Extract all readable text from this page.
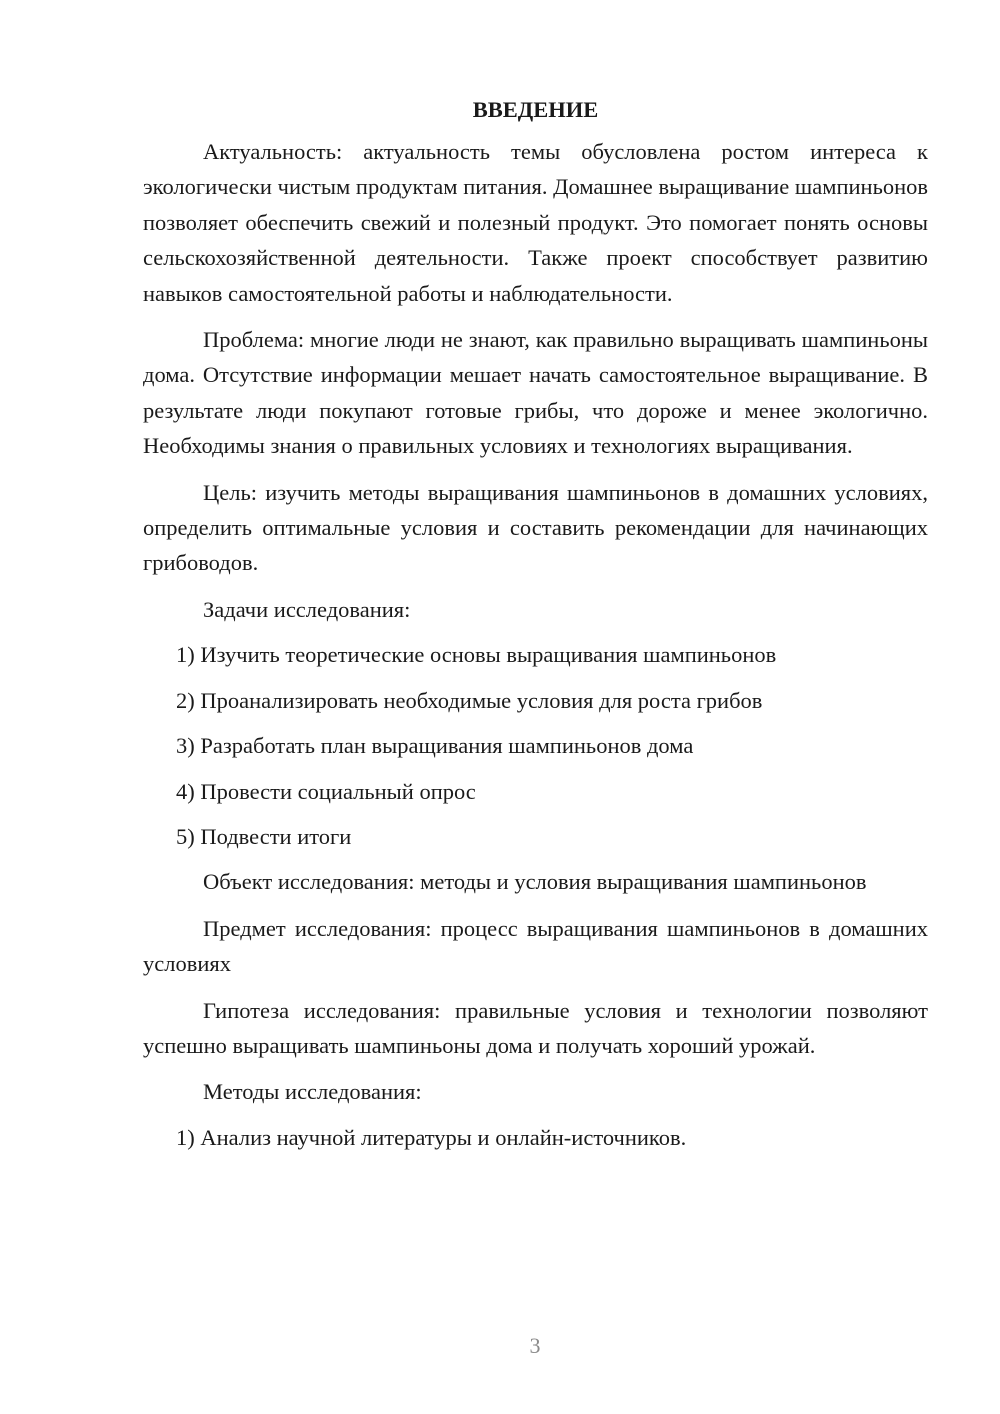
ВВЕДЕНИЕ

Актуальность: актуальность темы обусловлена ростом интереса к экологически чистым продуктам питания. Домашнее выращивание шампиньонов позволяет обеспечить свежий и полезный продукт. Это помогает понять основы сельскохозяйственной деятельности. Также проект способствует развитию навыков самостоятельной работы и наблюдательности.

Проблема: многие люди не знают, как правильно выращивать шампиньоны дома. Отсутствие информации мешает начать самостоятельное выращивание. В результате люди покупают готовые грибы, что дороже и менее экологично. Необходимы знания о правильных условиях и технологиях выращивания.

Цель: изучить методы выращивания шампиньонов в домашних условиях, определить оптимальные условия и составить рекомендации для начинающих грибоводов.

Задачи исследования:

1) Изучить теоретические основы выращивания шампиньонов

2) Проанализировать необходимые условия для роста грибов

3) Разработать план выращивания шампиньонов дома

4) Провести социальный опрос

5) Подвести итоги

Объект исследования: методы и условия выращивания шампиньонов

Предмет исследования: процесс выращивания шампиньонов в домашних условиях

Гипотеза исследования: правильные условия и технологии позволяют успешно выращивать шампиньоны дома и получать хороший урожай.

Методы исследования:

1) Анализ научной литературы и онлайн-источников.

3
